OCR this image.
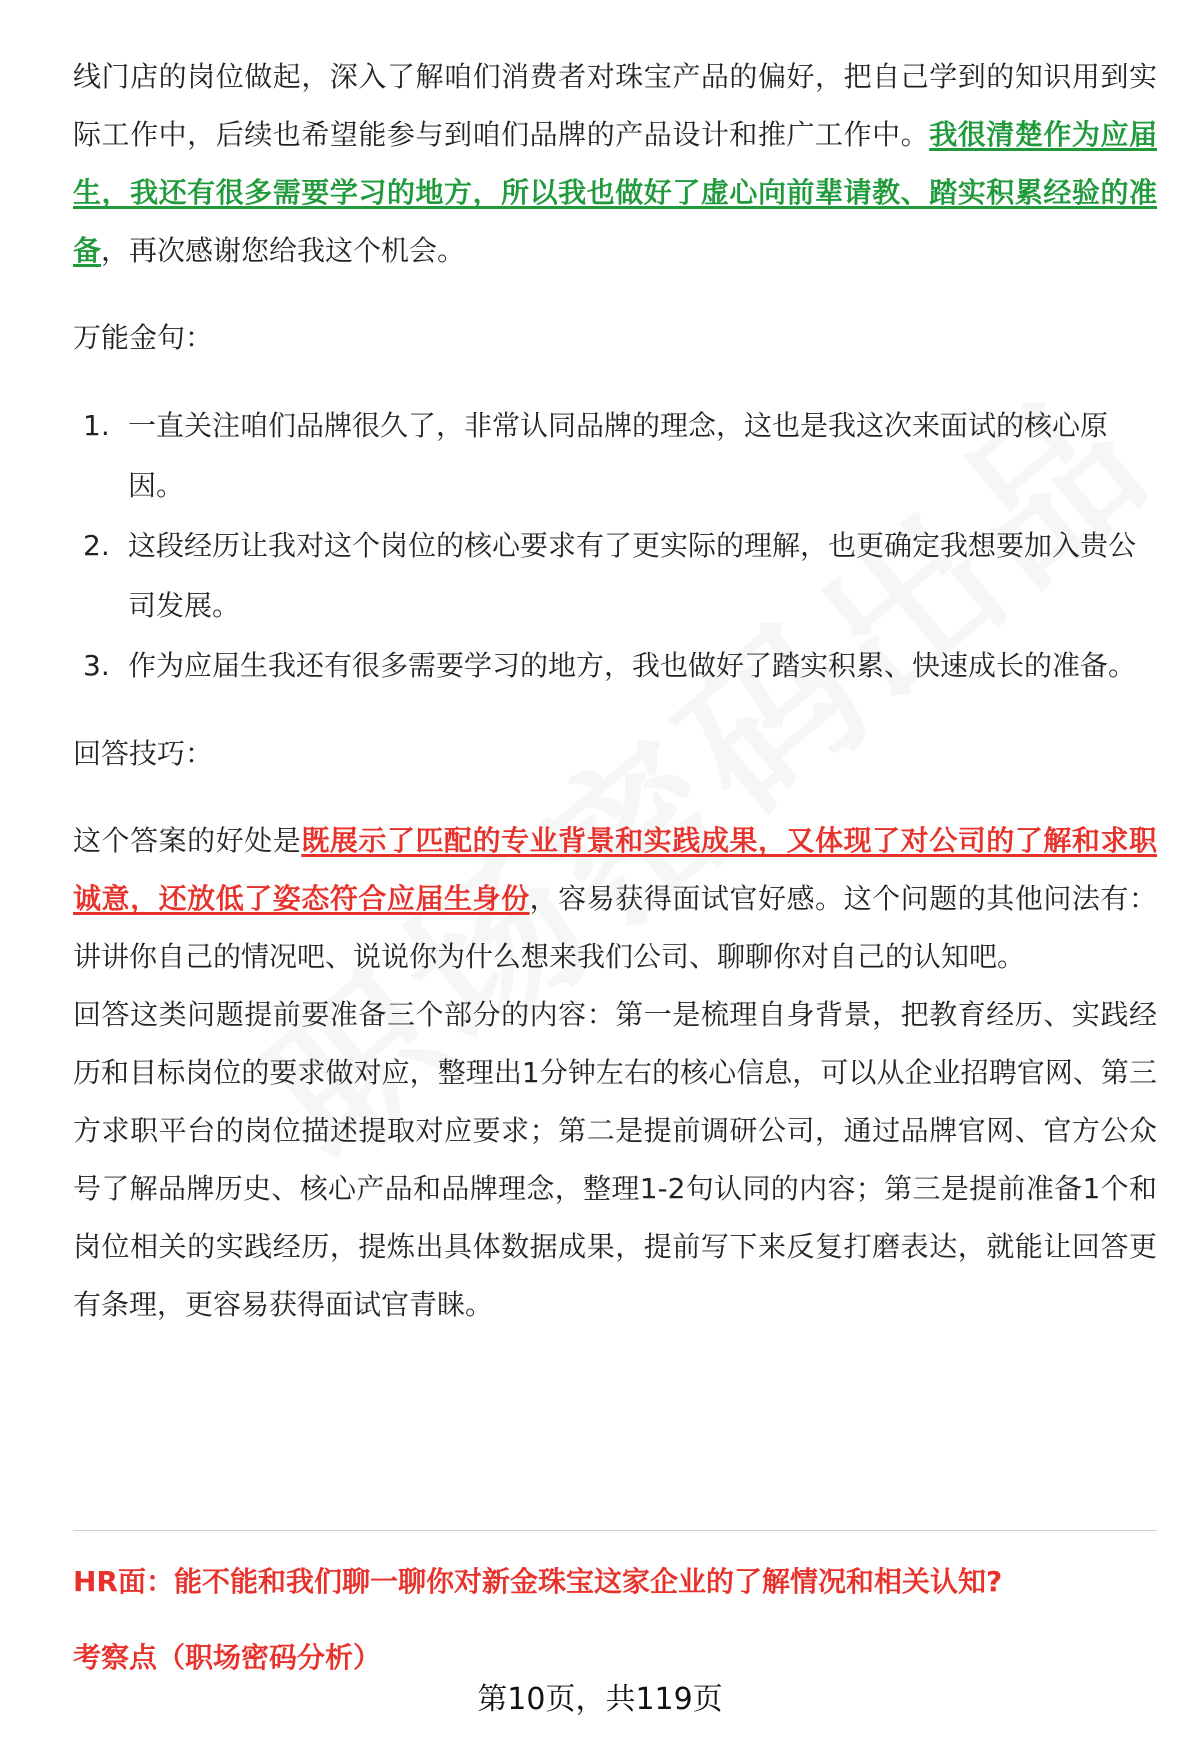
线门店的岗位做起，深入了解咱们消费者对珠宝产品的偏好，把自己学到的知识用到实际工作中，后续也希望能参与到咱们品牌的产品设计和推广工作中。我很清楚作为应届生，我还有很多需要学习的地方，所以我也做好了虚心向前辈请教、踏实积累经验的准备，再次感谢您给我这个机会。

万能金句：

1. 一直关注咱们品牌很久了，非常认同品牌的理念，这也是我这次来面试的核心原因。
2. 这段经历让我对这个岗位的核心要求有了更实际的理解，也更确定我想要加入贵公司发展。
3. 作为应届生我还有很多需要学习的地方，我也做好了踏实积累、快速成长的准备。

回答技巧：

这个答案的好处是既展示了匹配的专业背景和实践成果，又体现了对公司的了解和求职诚意，还放低了姿态符合应届生身份，容易获得面试官好感。这个问题的其他问法有：讲讲你自己的情况吧、说说你为什么想来我们公司、聊聊你对自己的认知吧。

回答这类问题提前要准备三个部分的内容：第一是梳理自身背景，把教育经历、实践经历和目标岗位的要求做对应，整理出1分钟左右的核心信息，可以从企业招聘官网、第三方求职平台的岗位描述提取对应要求；第二是提前调研公司，通过品牌官网、官方公众号了解品牌历史、核心产品和品牌理念，整理1-2句认同的内容；第三是提前准备1个和岗位相关的实践经历，提炼出具体数据成果，提前写下来反复打磨表达，就能让回答更有条理，更容易获得面试官青睐。

HR面：能不能和我们聊一聊你对新金珠宝这家企业的了解情况和相关认知?
考察点（职场密码分析）
第10页，共119页
